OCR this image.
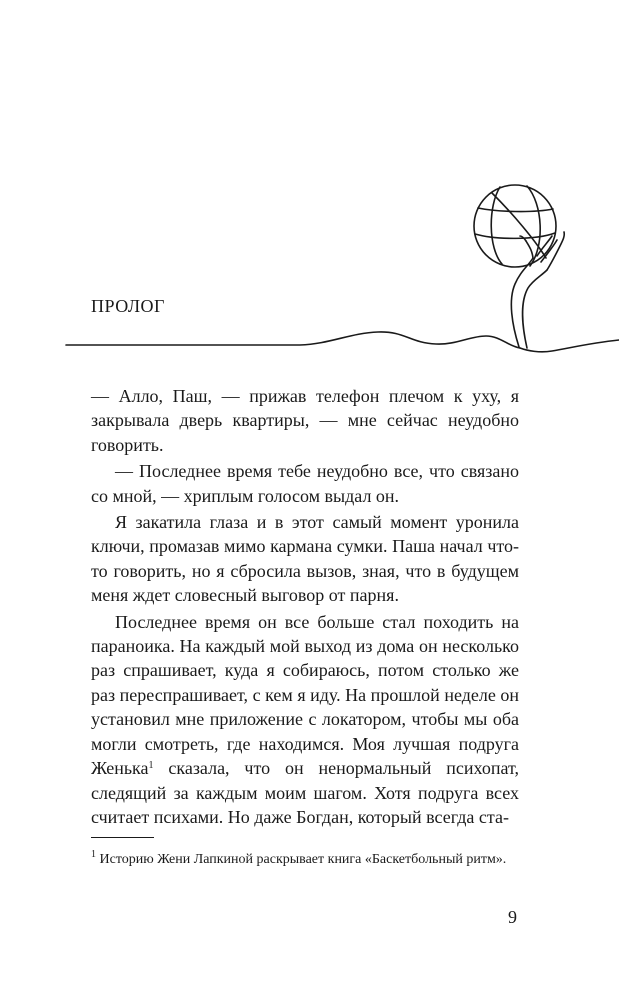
ПРОЛОГ

— Алло, Паш, — прижав телефон плечом к уху, я закрывала дверь квартиры, — мне сейчас неудобно говорить.

— Последнее время тебе неудобно все, что связано со мной, — хриплым голосом выдал он.

Я закатила глаза и в этот самый момент уронила ключи, промазав мимо кармана сумки. Паша начал что-то говорить, но я сбросила вызов, зная, что в будущем меня ждет словесный выговор от парня.

Последнее время он все больше стал походить на параноика. На каждый мой выход из дома он несколько раз спрашивает, куда я собираюсь, потом столько же раз переспрашивает, с кем я иду. На прошлой неделе он установил мне приложение с локатором, чтобы мы оба могли смотреть, где находимся. Моя лучшая подруга Женька$^1$ сказала, что он ненормальный психопат, следящий за каждым моим шагом. Хотя подруга всех считает психами. Но даже Богдан, который всегда ста-

$^1$ Историю Жени Лапкиной раскрывает книга «Баскетбольный ритм».

9
